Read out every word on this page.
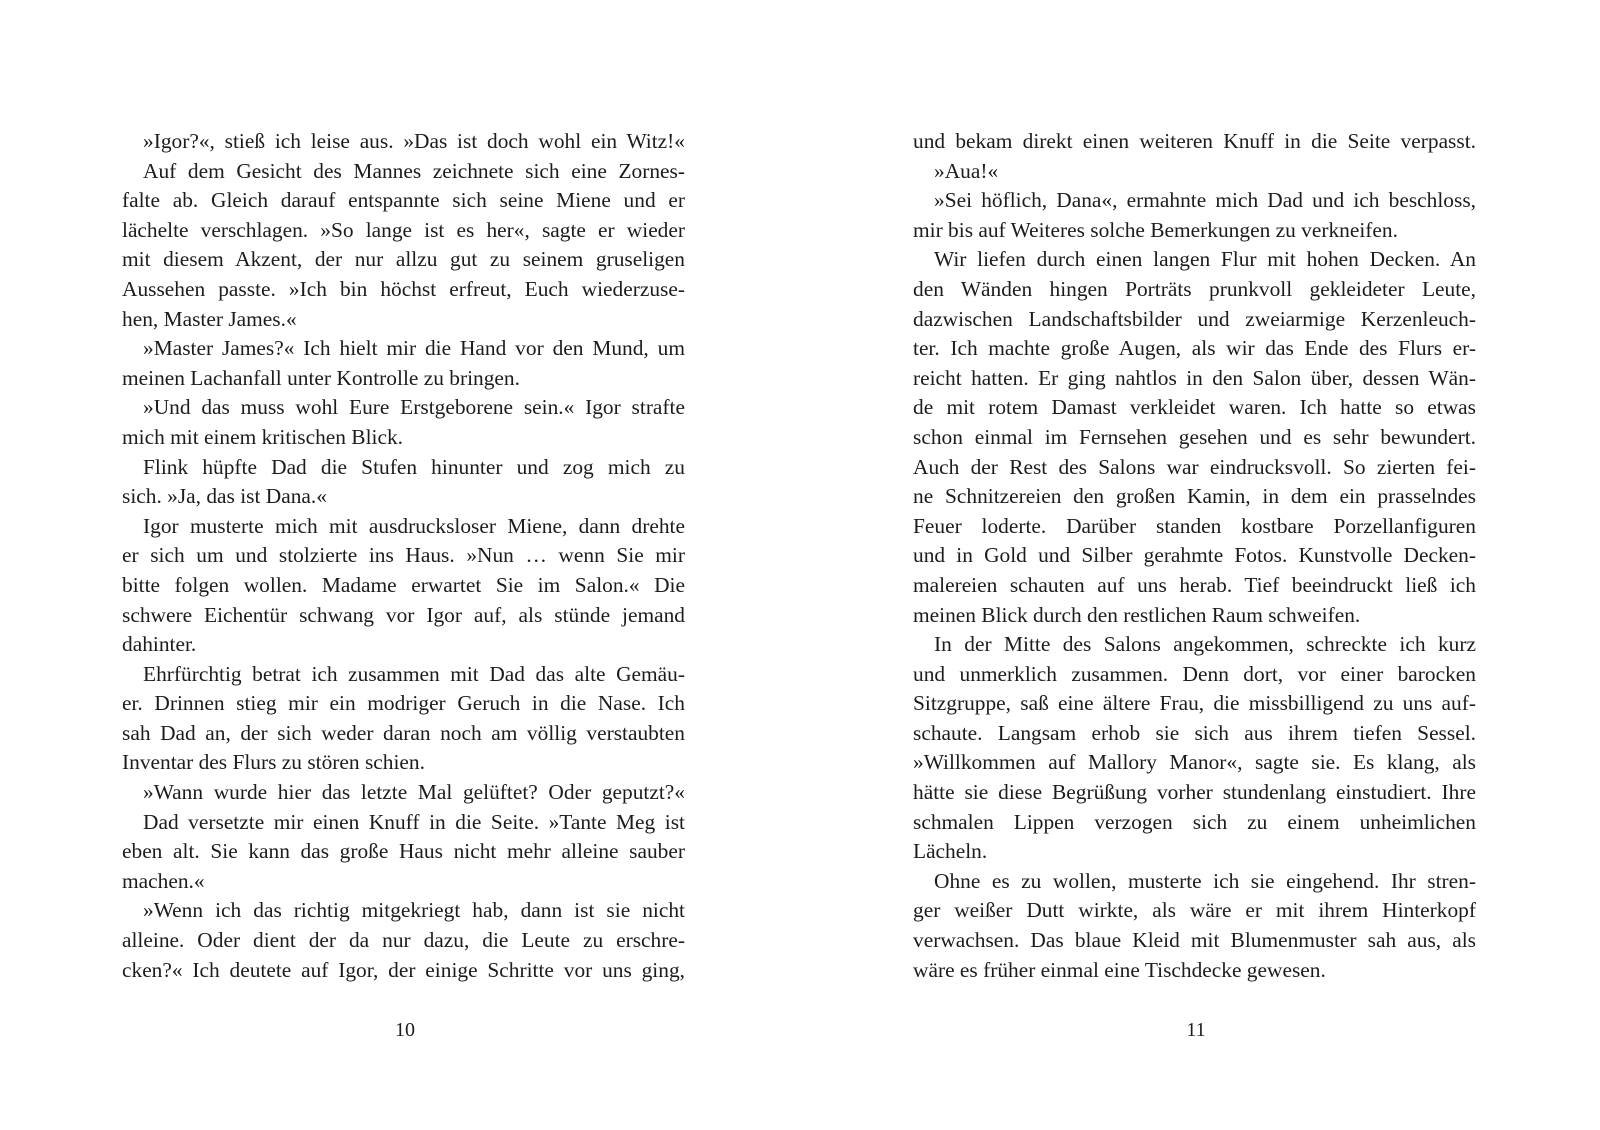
»Igor?«, stieß ich leise aus. »Das ist doch wohl ein Witz!«
Auf dem Gesicht des Mannes zeichnete sich eine Zornes-
falte ab. Gleich darauf entspannte sich seine Miene und er
lächelte verschlagen. »So lange ist es her«, sagte er wieder
mit diesem Akzent, der nur allzu gut zu seinem gruseligen
Aussehen passte. »Ich bin höchst erfreut, Euch wiederzuse-
hen, Master James.«
»Master James?« Ich hielt mir die Hand vor den Mund, um
meinen Lachanfall unter Kontrolle zu bringen.
»Und das muss wohl Eure Erstgeborene sein.« Igor strafte
mich mit einem kritischen Blick.
Flink hüpfte Dad die Stufen hinunter und zog mich zu
sich. »Ja, das ist Dana.«
Igor musterte mich mit ausdrucksloser Miene, dann drehte
er sich um und stolzierte ins Haus. »Nun … wenn Sie mir
bitte folgen wollen. Madame erwartet Sie im Salon.« Die
schwere Eichentür schwang vor Igor auf, als stünde jemand
dahinter.
Ehrfürchtig betrat ich zusammen mit Dad das alte Gemäu-
er. Drinnen stieg mir ein modriger Geruch in die Nase. Ich
sah Dad an, der sich weder daran noch am völlig verstaubten
Inventar des Flurs zu stören schien.
»Wann wurde hier das letzte Mal gelüftet? Oder geputzt?«
Dad versetzte mir einen Knuff in die Seite. »Tante Meg ist
eben alt. Sie kann das große Haus nicht mehr alleine sauber
machen.«
»Wenn ich das richtig mitgekriegt hab, dann ist sie nicht
alleine. Oder dient der da nur dazu, die Leute zu erschre-
cken?« Ich deutete auf Igor, der einige Schritte vor uns ging,
und bekam direkt einen weiteren Knuff in die Seite verpasst.
»Aua!«
»Sei höflich, Dana«, ermahnte mich Dad und ich beschloss,
mir bis auf Weiteres solche Bemerkungen zu verkneifen.
Wir liefen durch einen langen Flur mit hohen Decken. An
den Wänden hingen Porträts prunkvoll gekleideter Leute,
dazwischen Landschaftsbilder und zweiarmige Kerzenleuch-
ter. Ich machte große Augen, als wir das Ende des Flurs er-
reicht hatten. Er ging nahtlos in den Salon über, dessen Wän-
de mit rotem Damast verkleidet waren. Ich hatte so etwas
schon einmal im Fernsehen gesehen und es sehr bewundert.
Auch der Rest des Salons war eindrucksvoll. So zierten fei-
ne Schnitzereien den großen Kamin, in dem ein prasselndes
Feuer loderte. Darüber standen kostbare Porzellanfiguren
und in Gold und Silber gerahmte Fotos. Kunstvolle Decken-
malereien schauten auf uns herab. Tief beeindruckt ließ ich
meinen Blick durch den restlichen Raum schweifen.
In der Mitte des Salons angekommen, schreckte ich kurz
und unmerklich zusammen. Denn dort, vor einer barocken
Sitzgruppe, saß eine ältere Frau, die missbilligend zu uns auf-
schaute. Langsam erhob sie sich aus ihrem tiefen Sessel.
»Willkommen auf Mallory Manor«, sagte sie. Es klang, als
hätte sie diese Begrüßung vorher stundenlang einstudiert. Ihre
schmalen Lippen verzogen sich zu einem unheimlichen
Lächeln.
Ohne es zu wollen, musterte ich sie eingehend. Ihr stren-
ger weißer Dutt wirkte, als wäre er mit ihrem Hinterkopf
verwachsen. Das blaue Kleid mit Blumenmuster sah aus, als
wäre es früher einmal eine Tischdecke gewesen.
10	11
